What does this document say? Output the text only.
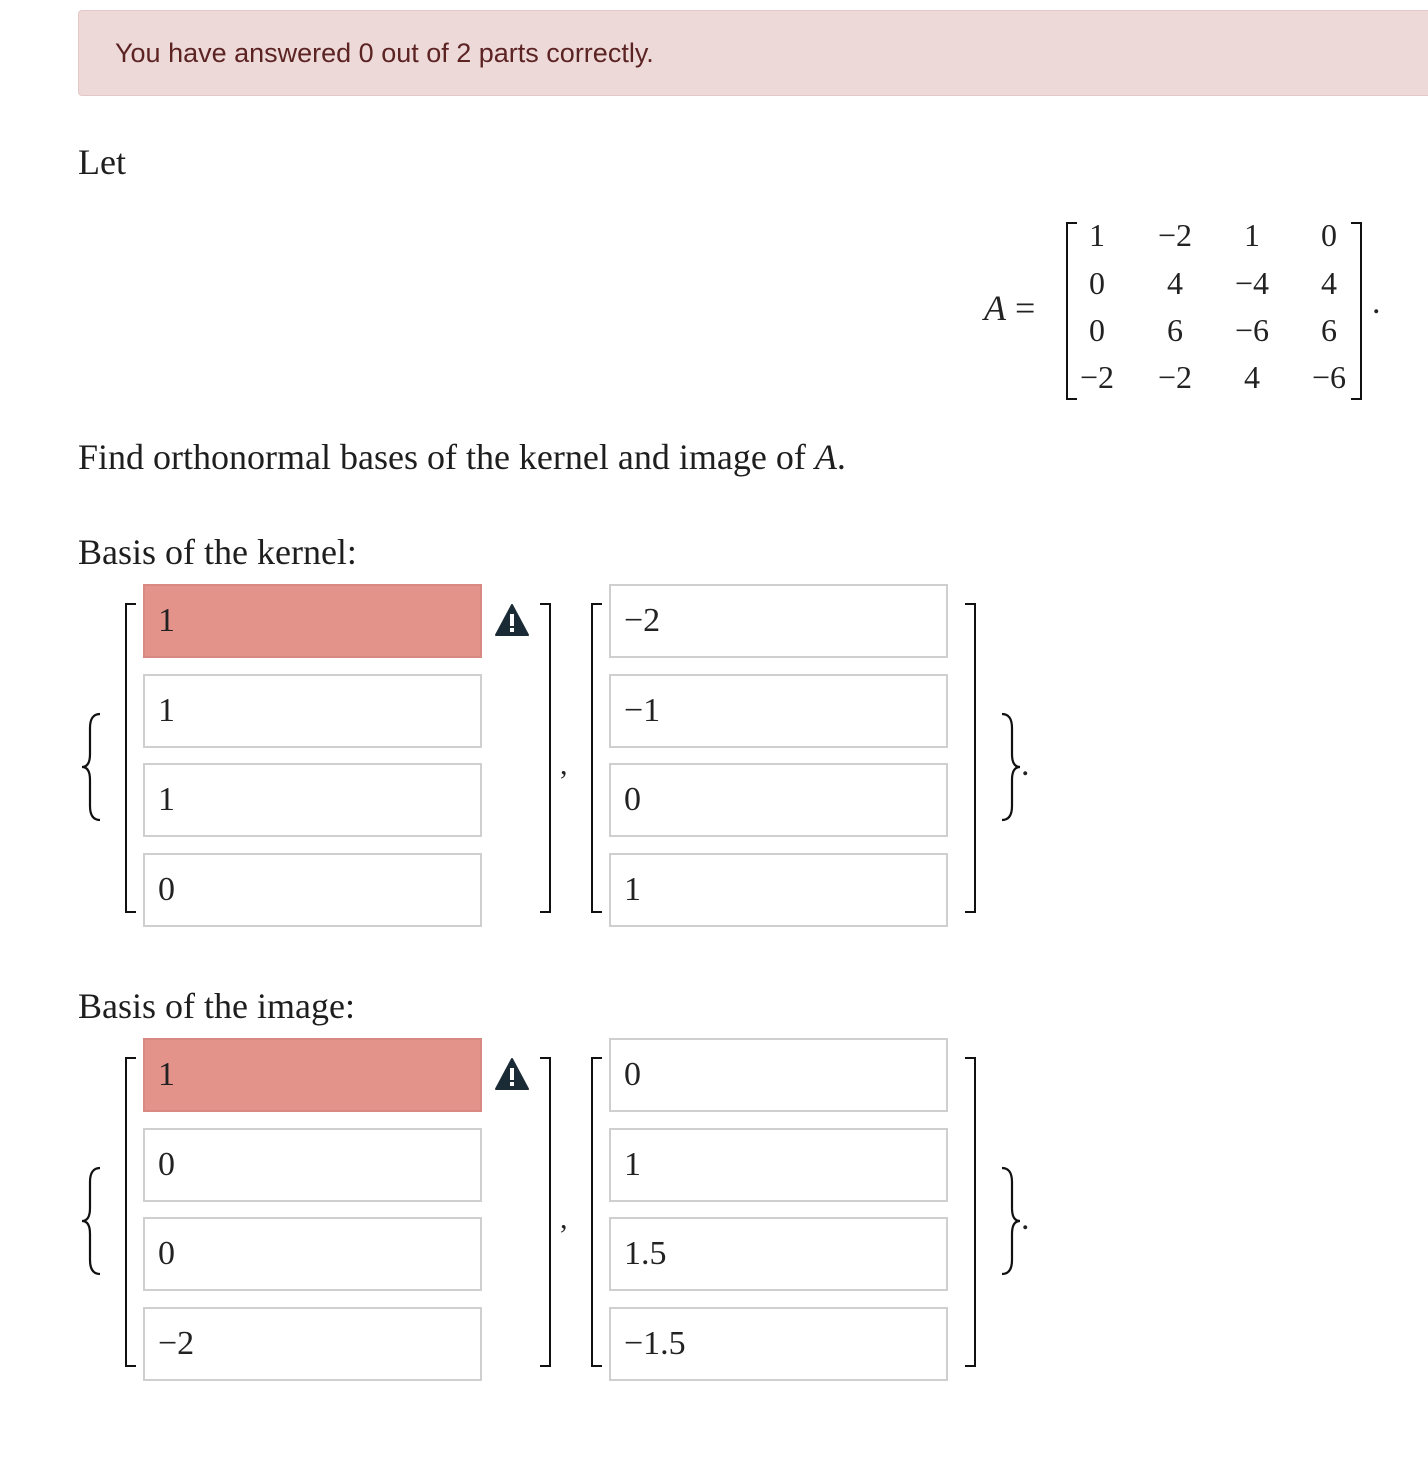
You have answered 0 out of 2 parts correctly.
Let
A =
1	−2	1	0
0	4	−4	4
0	6	−6	6
−2	−2	4	−6
.
Find orthonormal bases of the kernel and image of A.
Basis of the kernel:
1
1
1
0
,
−2
−1
0
1	.
Basis of the image:
1
0
0
−2
,
0
1
1.5
−1.5	.
